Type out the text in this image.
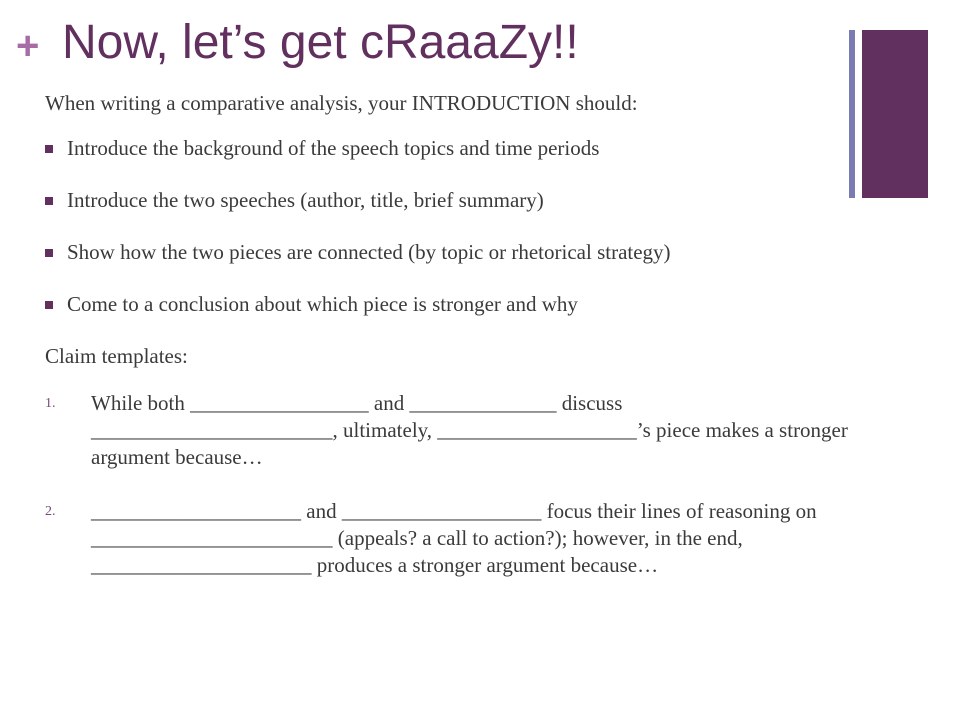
+ Now, let’s get cRaaaZy!!

When writing a comparative analysis, your INTRODUCTION should:

Introduce the background of the speech topics and time periods
Introduce the two speeches (author, title, brief summary)
Show how the two pieces are connected (by topic or rhetorical strategy)
Come to a conclusion about which piece is stronger and why

Claim templates:

1. While both _________________ and ______________ discuss _______________________, ultimately, ___________________’s piece makes a stronger argument because…
2. ____________________ and ___________________ focus their lines of reasoning on _______________________ (appeals? a call to action?); however, in the end, _____________________ produces a stronger argument because…
